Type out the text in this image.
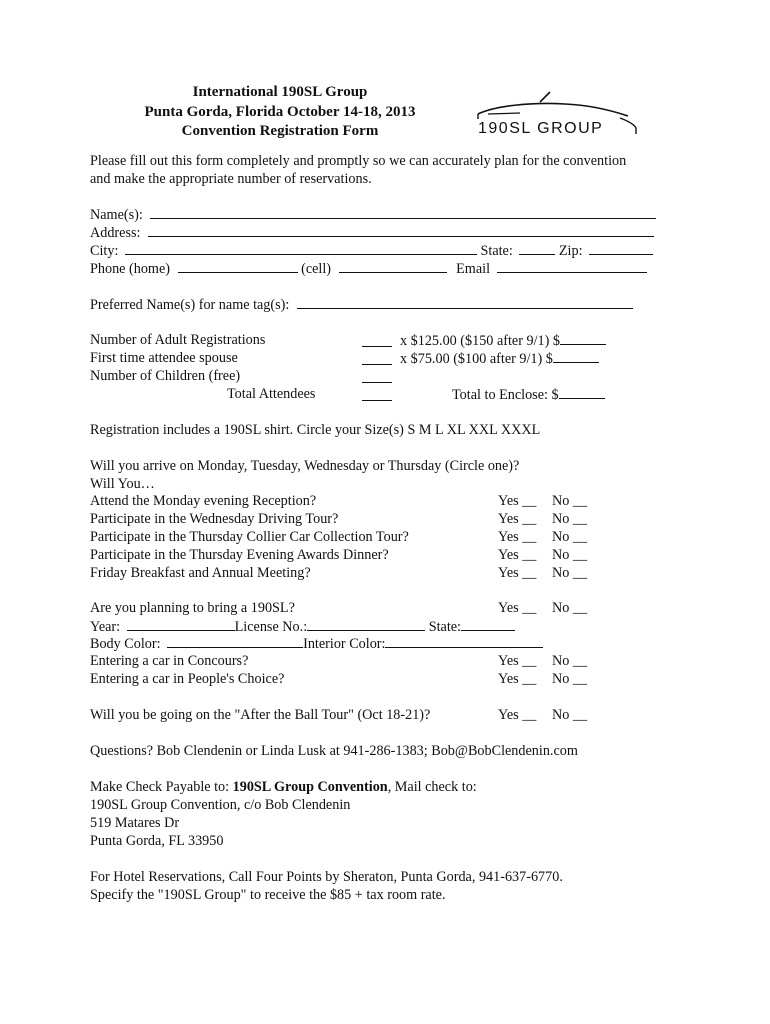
International 190SL Group
Punta Gorda, Florida October 14-18, 2013
Convention Registration Form	190SL GROUP
Please fill out this form completely and promptly so we can accurately plan for the convention
and make the appropriate number of reservations.
Name(s):
Address:
City:	State:	Zip:
Phone (home)	(cell)	Email
Preferred Name(s) for name tag(s):
Number of Adult Registrations	x $125.00 ($150 after 9/1) $
First time attendee spouse	x $75.00 ($100 after 9/1) $
Number of Children (free)
Total Attendees	Total to Enclose: $
Registration includes a 190SL shirt. Circle your Size(s) S M L XL XXL XXXL
Will you arrive on Monday, Tuesday, Wednesday or Thursday (Circle one)?
Will You…
Attend the Monday evening Reception?	Yes __ No __
Participate in the Wednesday Driving Tour?	Yes __ No __
Participate in the Thursday Collier Car Collection Tour?	Yes __ No __
Participate in the Thursday Evening Awards Dinner?	Yes __ No __
Friday Breakfast and Annual Meeting?	Yes __ No __
Are you planning to bring a 190SL?	Yes __ No __
Year:	License No.:	State:
Body Color:	Interior Color:
Entering a car in Concours?	Yes __ No __
Entering a car in People's Choice?	Yes __ No __
Will you be going on the "After the Ball Tour" (Oct 18-21)?	Yes __ No __
Questions? Bob Clendenin or Linda Lusk at 941-286-1383; Bob@BobClendenin.com
Make Check Payable to: 190SL Group Convention, Mail check to:
190SL Group Convention, c/o Bob Clendenin
519 Matares Dr
Punta Gorda, FL 33950
For Hotel Reservations, Call Four Points by Sheraton, Punta Gorda, 941-637-6770.
Specify the "190SL Group" to receive the $85 + tax room rate.
